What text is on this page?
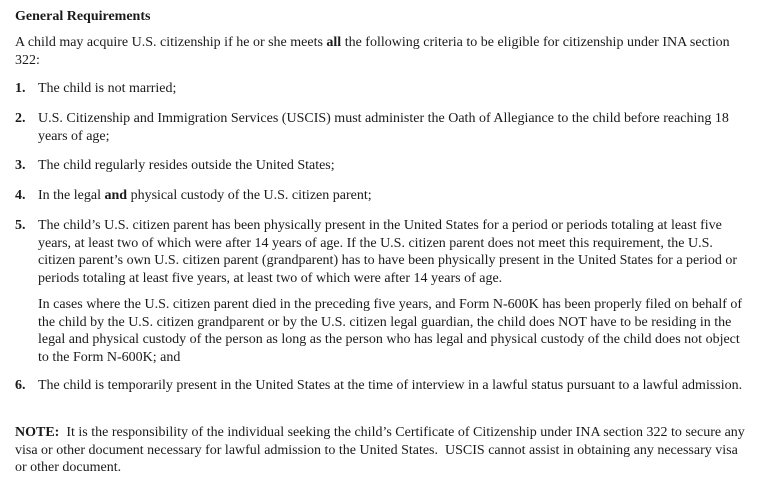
General Requirements
A child may acquire U.S. citizenship if he or she meets all the following criteria to be eligible for citizenship under INA section 322:
1. The child is not married;
2. U.S. Citizenship and Immigration Services (USCIS) must administer the Oath of Allegiance to the child before reaching 18 years of age;
3. The child regularly resides outside the United States;
4. In the legal and physical custody of the U.S. citizen parent;
5. The child’s U.S. citizen parent has been physically present in the United States for a period or periods totaling at least five years, at least two of which were after 14 years of age. If the U.S. citizen parent does not meet this requirement, the U.S. citizen parent’s own U.S. citizen parent (grandparent) has to have been physically present in the United States for a period or periods totaling at least five years, at least two of which were after 14 years of age.
In cases where the U.S. citizen parent died in the preceding five years, and Form N-600K has been properly filed on behalf of the child by the U.S. citizen grandparent or by the U.S. citizen legal guardian, the child does NOT have to be residing in the legal and physical custody of the person as long as the person who has legal and physical custody of the child does not object to the Form N-600K; and
6. The child is temporarily present in the United States at the time of interview in a lawful status pursuant to a lawful admission.
NOTE:  It is the responsibility of the individual seeking the child’s Certificate of Citizenship under INA section 322 to secure any visa or other document necessary for lawful admission to the United States.  USCIS cannot assist in obtaining any necessary visa or other document.
